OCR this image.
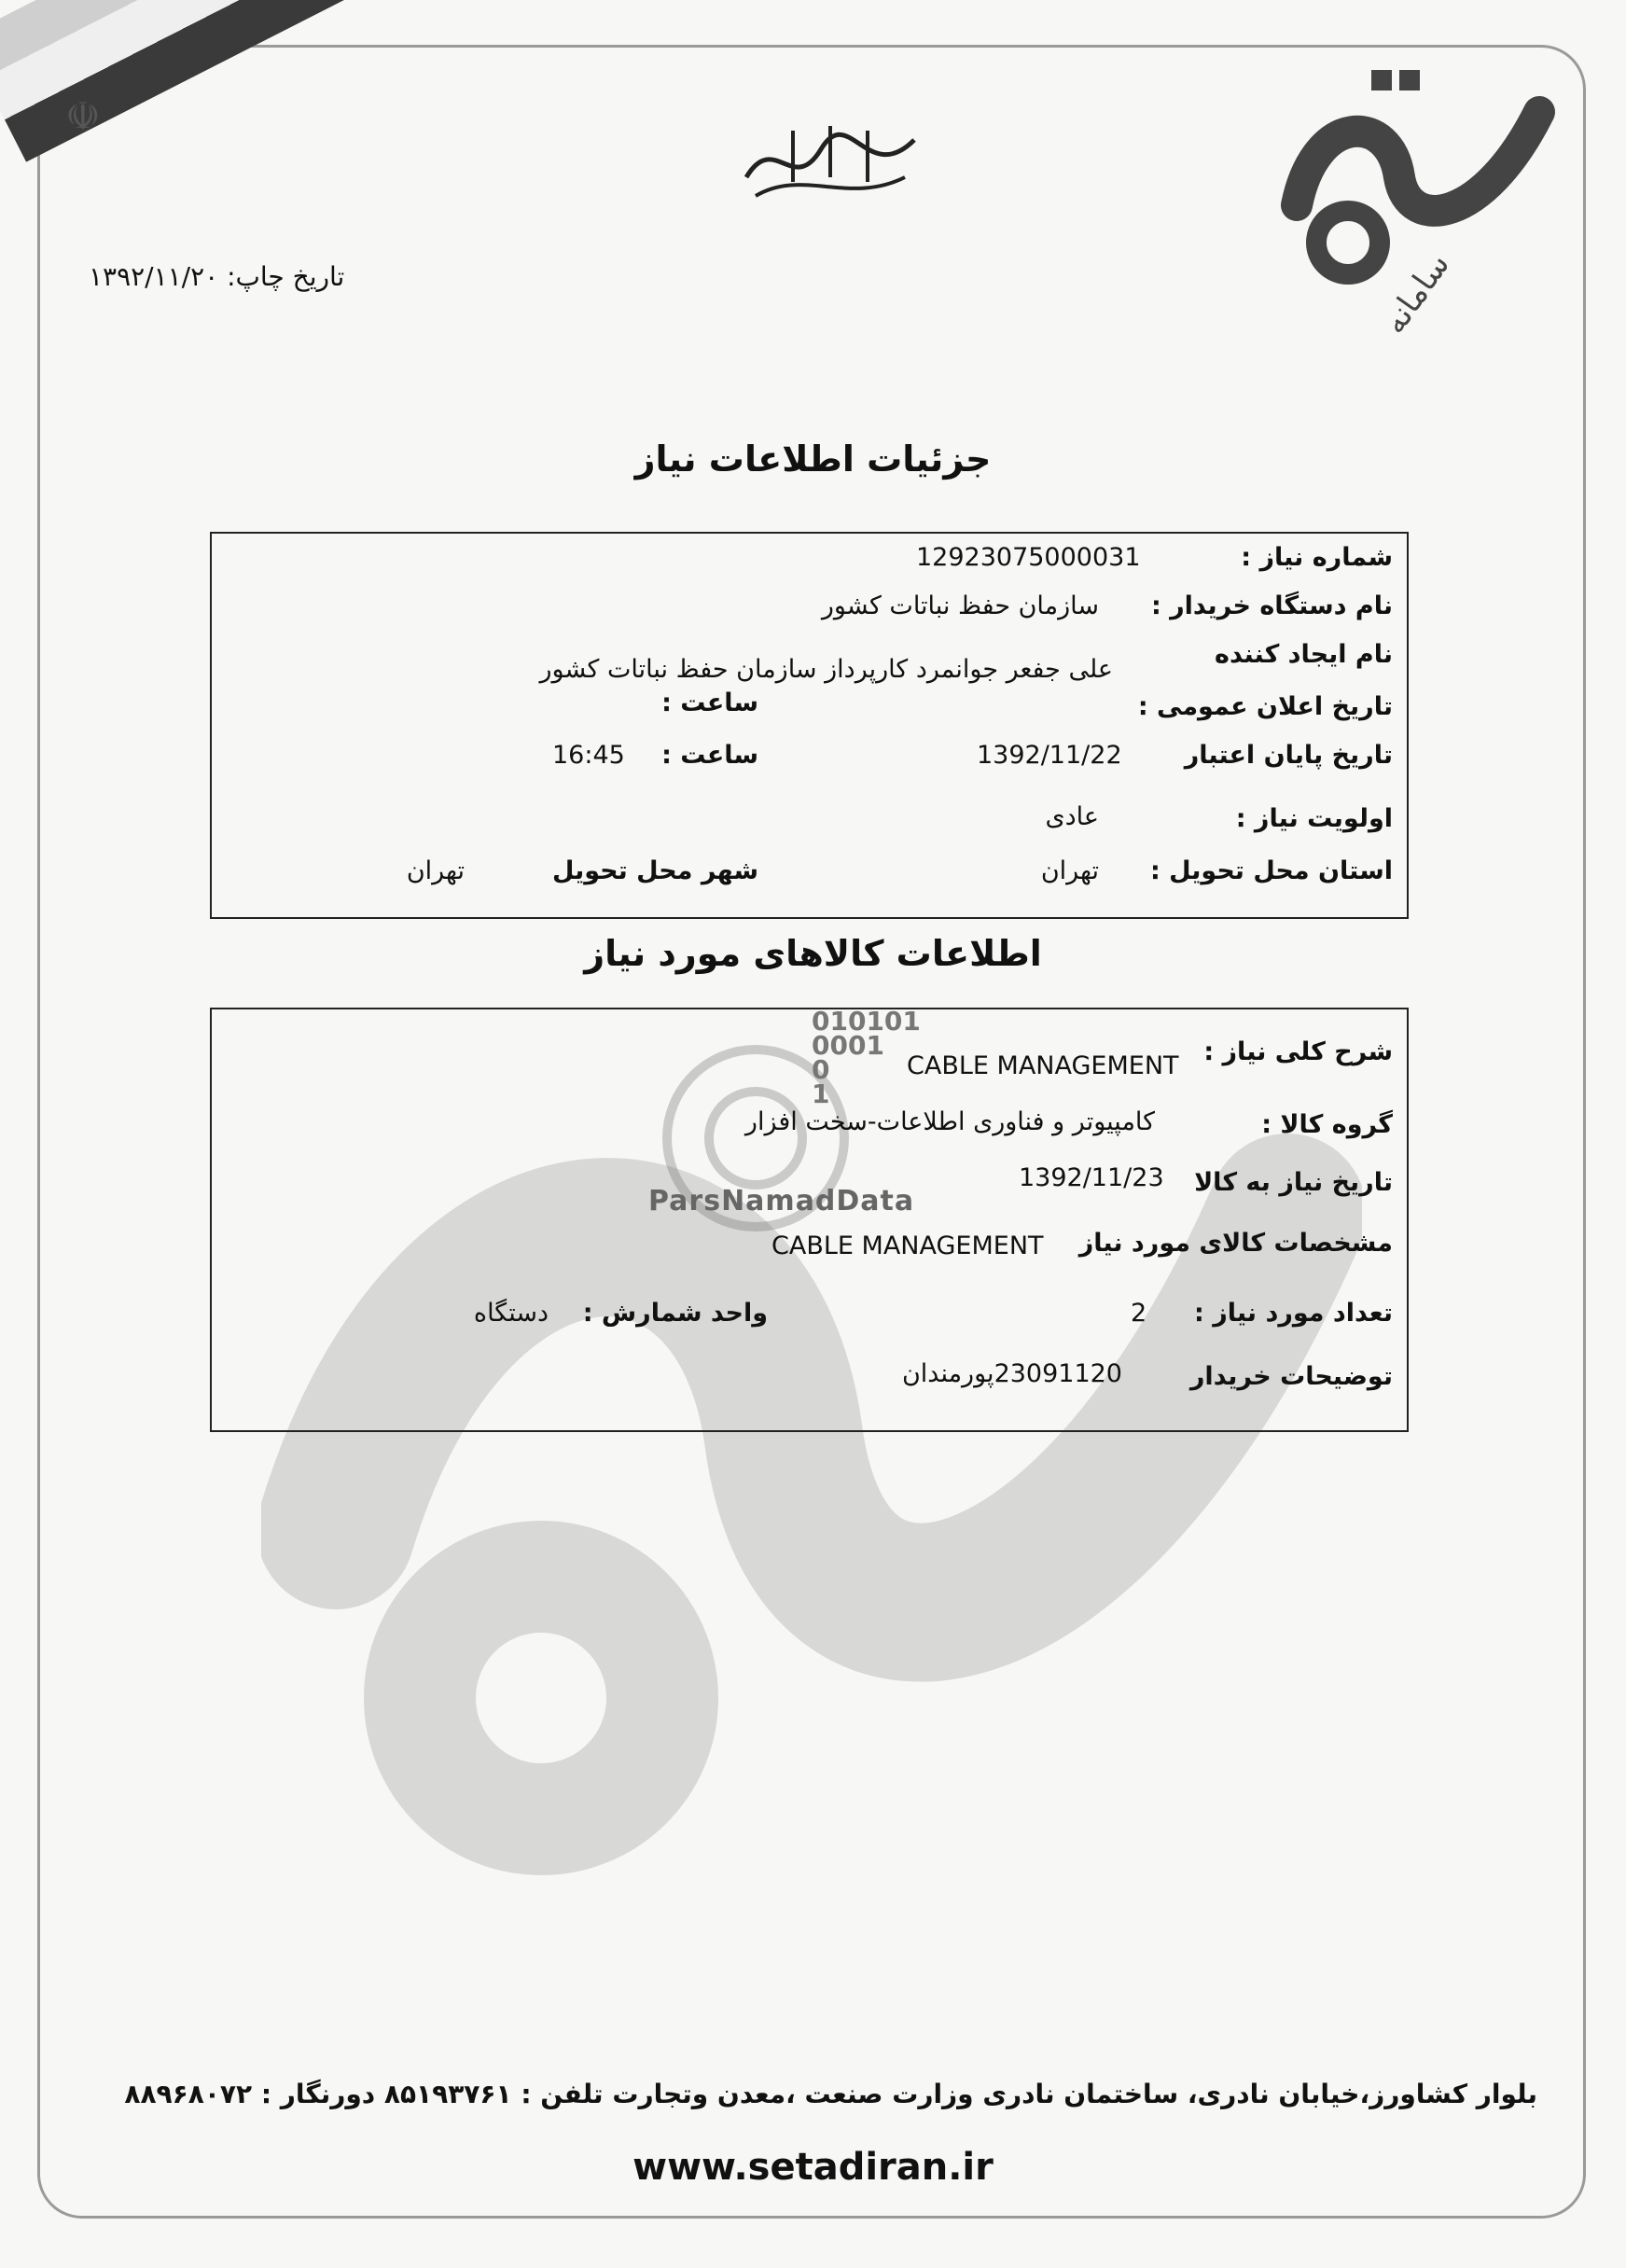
☫
سامانه
تاریخ چاپ: ۱۳۹۲/۱۱/۲۰
جزئیات اطلاعات نیاز
شماره نیاز :
12923075000031
نام دستگاه خریدار :
سازمان حفظ نباتات کشور
نام ایجاد کننده
علی جفعر جوانمرد کارپرداز سازمان حفظ نباتات کشور
تاریخ اعلان عمومی :
ساعت :
تاریخ پایان اعتبار
1392/11/22
ساعت :
16:45
اولویت نیاز :
عادی
استان محل تحویل :
تهران
شهر محل تحویل
تهران
اطلاعات کالاهای مورد نیاز
010101
0001
0
1
ParsNamadData
شرح کلی نیاز :
CABLE MANAGEMENT
گروه کالا :
کامپیوتر و فناوری اطلاعات-سخت افزار
تاریخ نیاز به کالا
1392/11/23
مشخصات کالای مورد نیاز
CABLE MANAGEMENT
تعداد مورد نیاز :
2
واحد شمارش :
دستگاه
توضیحات خریدار
23091120پورمندان
بلوار کشاورز،خیابان نادری، ساختمان نادری وزارت صنعت ،معدن وتجارت تلفن : ۸۵۱۹۳۷۶۱ دورنگار : ۸۸۹۶۸۰۷۲
www.setadiran.ir
